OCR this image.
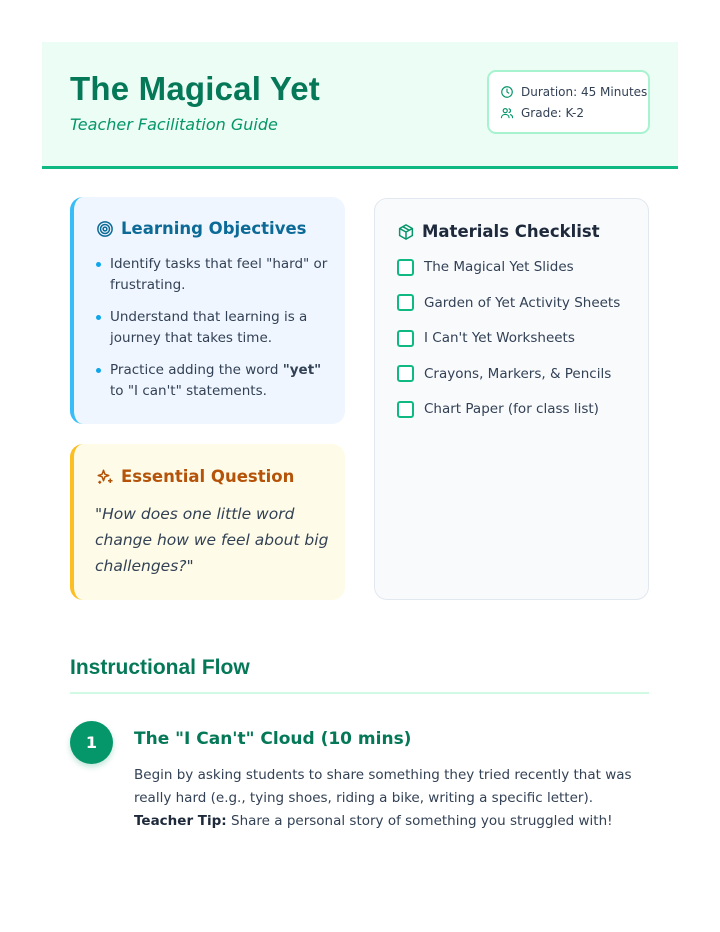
The Magical Yet
Teacher Facilitation Guide
Duration: 45 Minutes
Grade: K-2
Learning Objectives
Identify tasks that feel "hard" or frustrating.
Understand that learning is a journey that takes time.
Practice adding the word "yet" to "I can't" statements.
Essential Question
"How does one little word change how we feel about big challenges?"
Materials Checklist
The Magical Yet Slides
Garden of Yet Activity Sheets
I Can't Yet Worksheets
Crayons, Markers, & Pencils
Chart Paper (for class list)
Instructional Flow
1	The "I Can't" Cloud (10 mins)
Begin by asking students to share something they tried recently that was really hard (e.g., tying shoes, riding a bike, writing a specific letter). Teacher Tip: Share a personal story of something you struggled with!
